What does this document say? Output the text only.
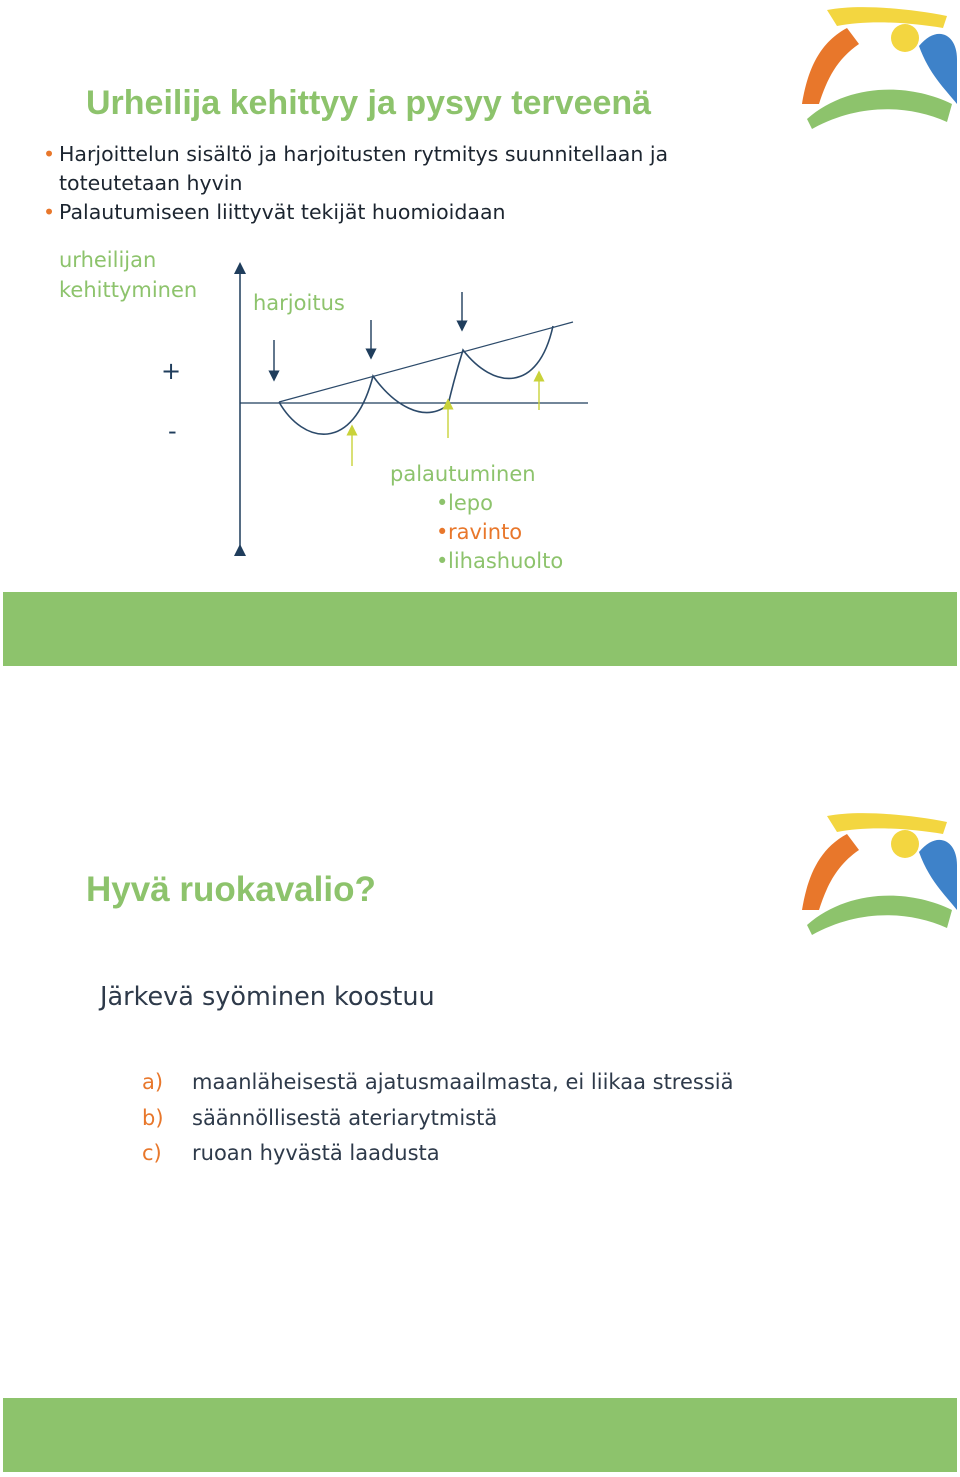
Urheilija kehittyy ja pysyy terveenä
• Harjoittelun sisältö ja harjoitusten rytmitys suunnitellaan ja toteutetaan hyvin
• Palautumiseen liittyvät tekijät huomioidaan
urheilijan
kehittyminen
harjoitus
+
-
palautuminen
• lepo
• ravinto
• lihashuolto
Hyvä ruokavalio?

Järkevä syöminen koostuu

a) maanläheisestä ajatusmaailmasta, ei liikaa stressiä
b) säännöllisestä ateriarytmistä
c) ruoan hyvästä laadusta
